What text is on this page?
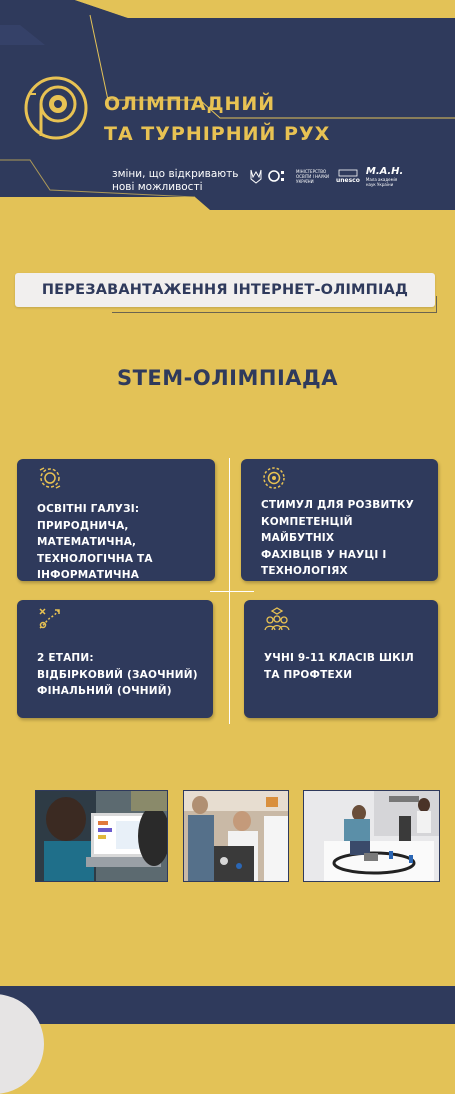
ОЛІМПІАДНИЙ
ТА ТУРНІРНИЙ РУХ
зміни, що відкривають
нові можливості
МІНІСТЕРСТВО ОСВІТИ І НАУКИ УКРАЇНИ	unesco
М.А.Н.
Мала академія наук України
ПЕРЕЗАВАНТАЖЕННЯ ІНТЕРНЕТ-ОЛІМПІАД
STEM-ОЛІМПІАДА
ОСВІТНІ ГАЛУЗІ:
ПРИРОДНИЧА, МАТЕМАТИЧНА,
ТЕХНОЛОГІЧНА ТА
ІНФОРМАТИЧНА
СТИМУЛ ДЛЯ РОЗВИТКУ
КОМПЕТЕНЦІЙ МАЙБУТНІХ
ФАХІВЦІВ У НАУЦІ І
ТЕХНОЛОГІЯХ
2 ЕТАПИ:
ВІДБІРКОВИЙ (ЗАОЧНИЙ)
ФІНАЛЬНИЙ (ОЧНИЙ)
УЧНІ 9-11 КЛАСІВ ШКІЛ
ТА ПРОФТЕХИ
